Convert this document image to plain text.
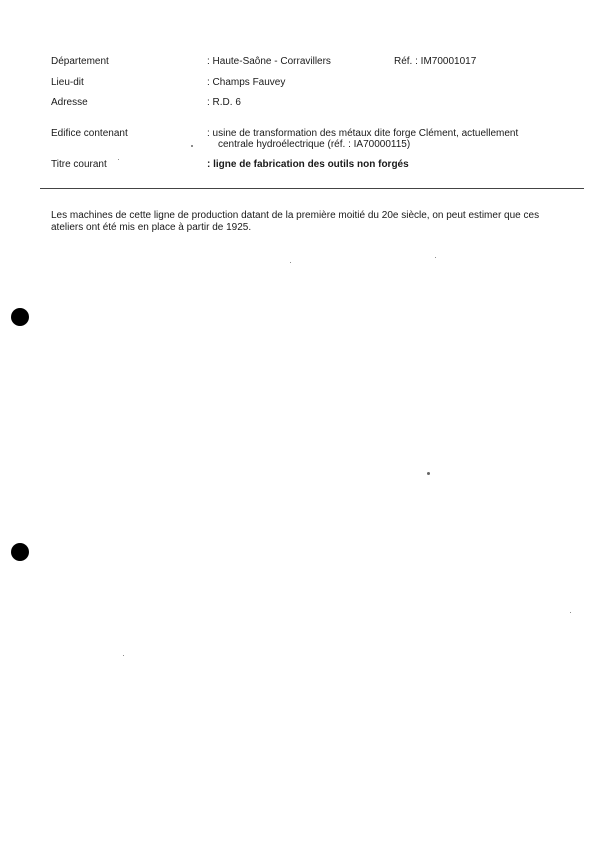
Département	: Haute-Saône - Corravillers	Réf. : IM70001017
Lieu-dit	: Champs Fauvey
Adresse	: R.D. 6
Edifice contenant	: usine de transformation des métaux dite forge Clément, actuellement
centrale hydroélectrique (réf. : IA70000115)
Titre courant	: ligne de fabrication des outils non forgés
Les machines de cette ligne de production datant de la première moitié du 20e siècle, on peut estimer que ces ateliers ont été mis en place à partir de 1925.
